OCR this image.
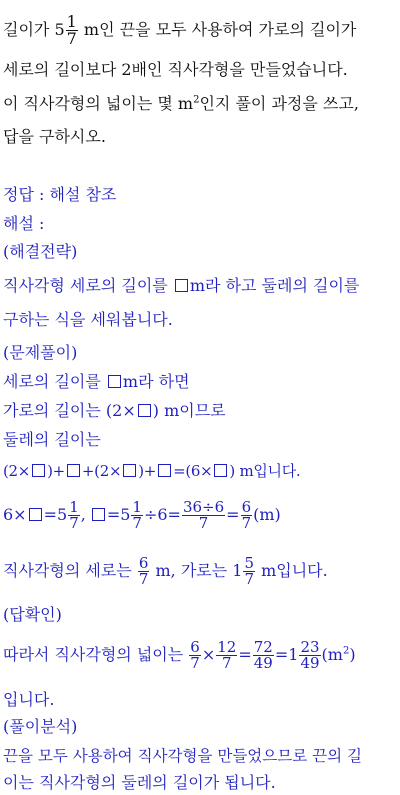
길이가 $5 \frac{1}{7}$ m인 끈을 모두 사용하여 가로의 길이가
세로의 길이보다 2배인 직사각형을 만들었습니다.
이 직사각형의 넓이는 몇 $m^2$인지 풀이 과정을 쓰고,
답을 구하시오.
정답 : 해설 참조
해설 :
(해결전략)
직사각형 세로의 길이를 m라 하고 둘레의 길이를
구하는 식을 세워봅니다.
(문제풀이)
세로의 길이를 m라 하면
가로의 길이는 (2× ) m이므로
둘레의 길이는
(2× )+ +(2× )+ =(6× ) m입니다.
$6\times =5 \frac{1}{7}$ , $=5 \frac{1}{7} \div 6= \frac{36\div 6}{7} = \frac{6}{7} (m)$
직사각형의 세로는 $\frac{6}{7} m$, 가로는 $1 \frac{5}{7}$ m입니다.
(답확인)
따라서 직사각형의 넓이는 $\frac{6}{7} \times \frac{12}{7} = \frac{72}{49} =1 \frac{23}{49} (m^2)$
입니다.
(풀이분석)
끈을 모두 사용하여 직사각형을 만들었으므로 끈의 길
이는 직사각형의 둘레의 길이가 됩니다.
